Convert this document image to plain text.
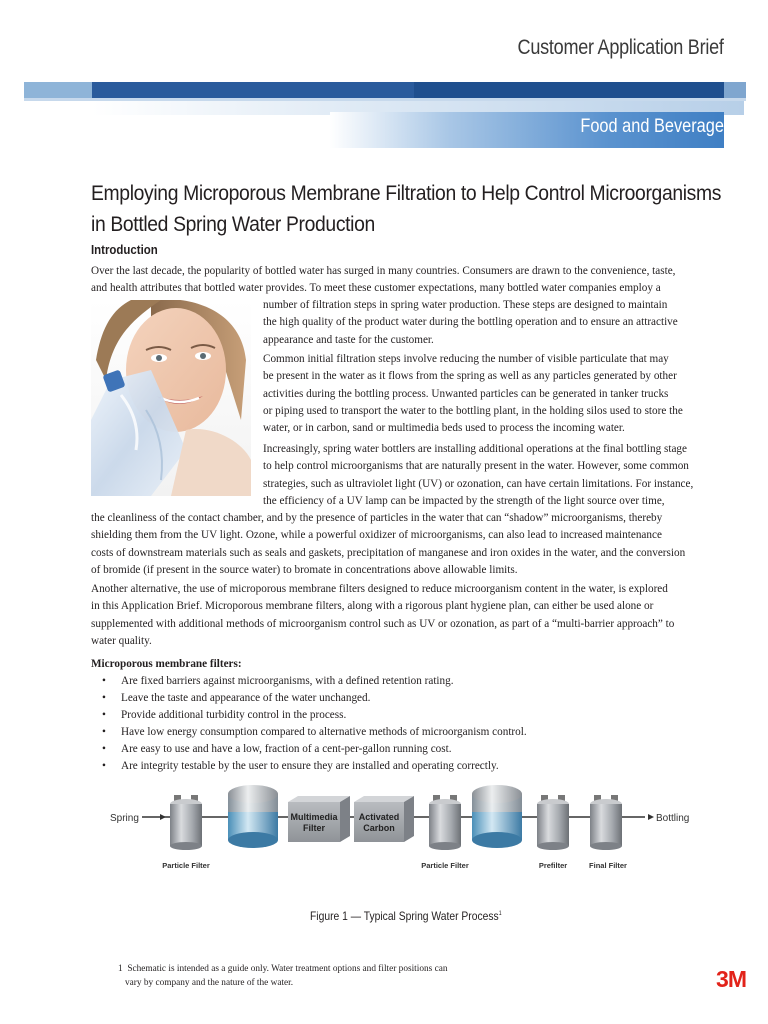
Customer Application Brief
Food and Beverage
Employing Microporous Membrane Filtration to Help Control Microorganisms
in Bottled Spring Water Production
Introduction

Over the last decade, the popularity of bottled water has surged in many countries. Consumers are drawn to the convenience, taste,
and health attributes that bottled water provides. To meet these customer expectations, many bottled water companies employ a

number of filtration steps in spring water production. These steps are designed to maintain
the high quality of the product water during the bottling operation and to ensure an attractive
appearance and taste for the customer.

Common initial filtration steps involve reducing the number of visible particulate that may
be present in the water as it flows from the spring as well as any particles generated by other
activities during the bottling process. Unwanted particles can be generated in tanker trucks
or piping used to transport the water to the bottling plant, in the holding silos used to store the
water, or in carbon, sand or multimedia beds used to process the incoming water.

Increasingly, spring water bottlers are installing additional operations at the final bottling stage
to help control microorganisms that are naturally present in the water. However, some common
strategies, such as ultraviolet light (UV) or ozonation, can have certain limitations. For instance,
the efficiency of a UV lamp can be impacted by the strength of the light source over time,

the cleanliness of the contact chamber, and by the presence of particles in the water that can “shadow” microorganisms, thereby
shielding them from the UV light. Ozone, while a powerful oxidizer of microorganisms, can also lead to increased maintenance
costs of downstream materials such as seals and gaskets, precipitation of manganese and iron oxides in the water, and the conversion
of bromide (if present in the source water) to bromate in concentrations above allowable limits.

Another alternative, the use of microporous membrane filters designed to reduce microorganism content in the water, is explored
in this Application Brief. Microporous membrane filters, along with a rigorous plant hygiene plan, can either be used alone or
supplemented with additional methods of microorganism control such as UV or ozonation, as part of a “multi-barrier approach” to
water quality.

Microporous membrane filters:
• Are fixed barriers against microorganisms, with a defined retention rating.
• Leave the taste and appearance of the water unchanged.
• Provide additional turbidity control in the process.
• Have low energy consumption compared to alternative methods of microorganism control.
• Are easy to use and have a low, fraction of a cent-per-gallon running cost.
• Are integrity testable by the user to ensure they are installed and operating correctly.
Spring	Bottling
Multimedia
Filter
Activated
Carbon
Particle Filter	Particle Filter	Prefilter	Final Filter
Figure 1 — Typical Spring Water Process$^1$
1 Schematic is intended as a guide only. Water treatment options and filter positions can
vary by company and the nature of the water.	3M
